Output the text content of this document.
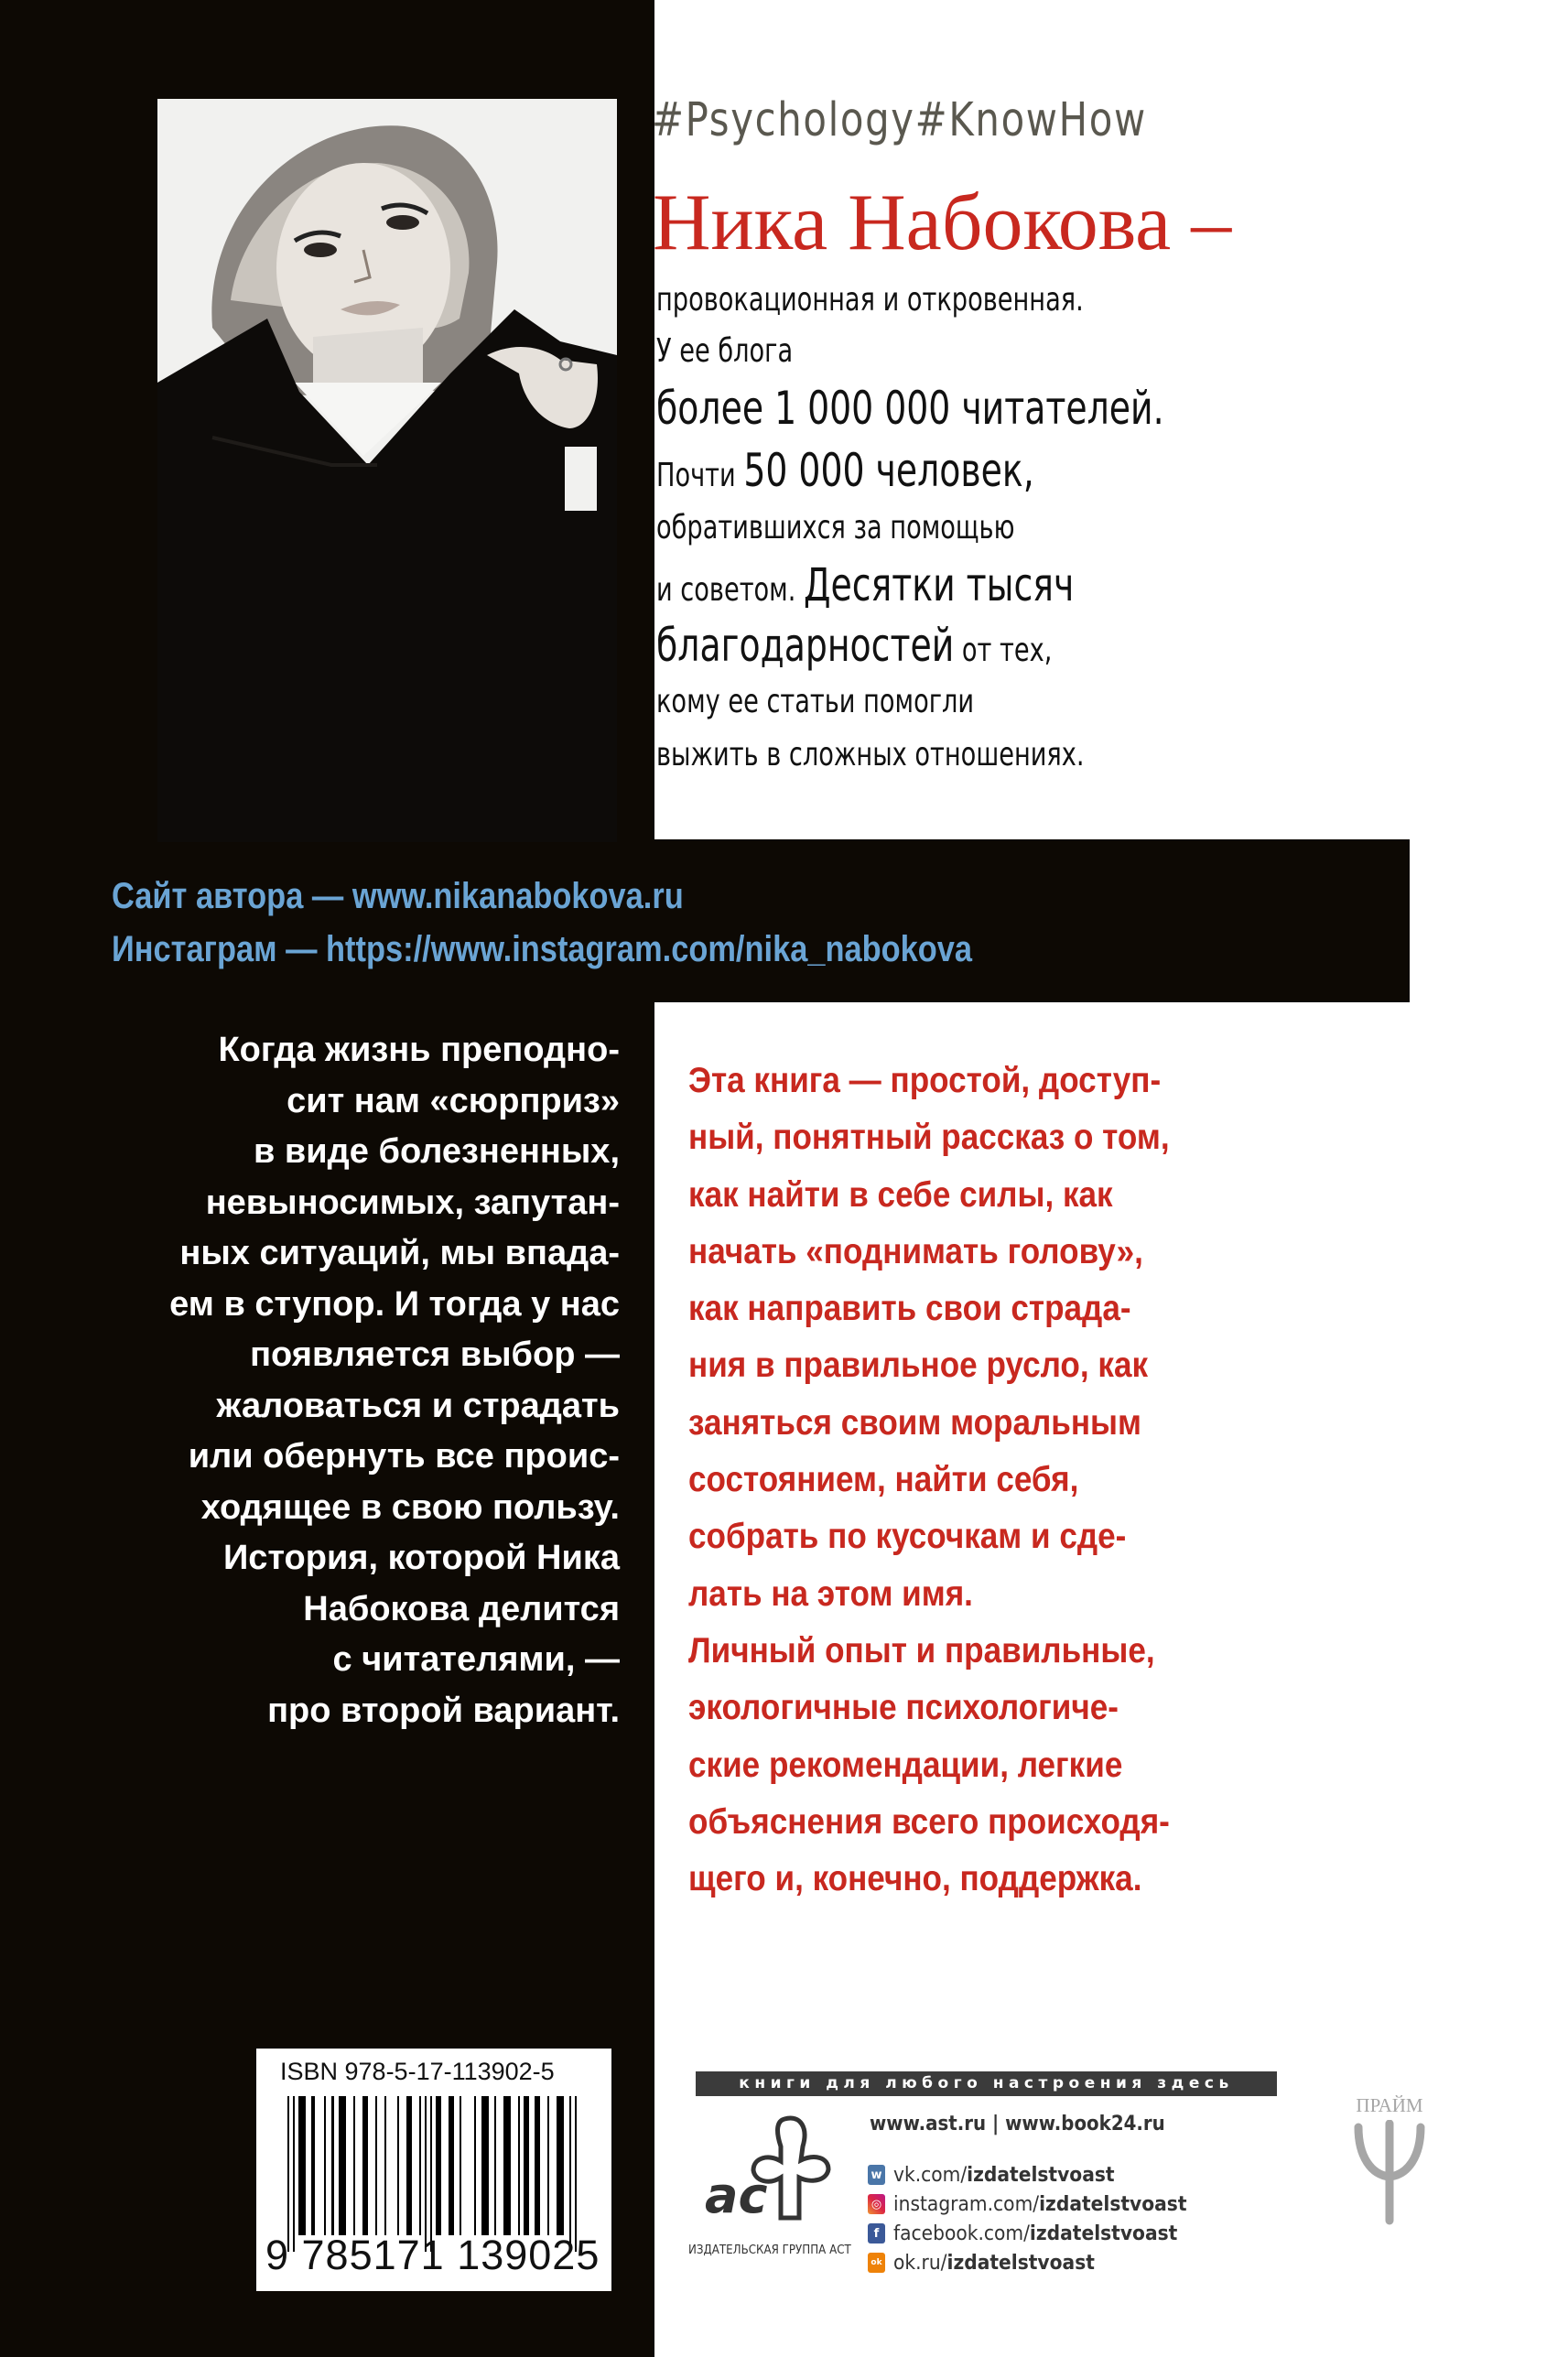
#Psychology#KnowHow
Ника Набокова –
провокационная и откровенная.
У ее блога
более 1 000 000 читателей.
Почти 50 000 человек,
обратившихся за помощью
и советом. Десятки тысяч
благодарностей от тех,
кому ее статьи помогли
выжить в сложных отношениях.
Сайт автора — www.nikanabokova.ru
Инстаграм — https://www.instagram.com/nika_nabokova
Когда жизнь преподно-
сит нам «сюрприз»
в виде болезненных,
невыносимых, запутан-
ных ситуаций, мы впада-
ем в ступор. И тогда у нас
появляется выбор —
жаловаться и страдать
или обернуть все проис-
ходящее в свою пользу.
История, которой Ника
Набокова делится
с читателями, —
про второй вариант.
Эта книга — простой, доступ-
ный, понятный рассказ о том,
как найти в себе силы, как
начать «поднимать голову»,
как направить свои страда-
ния в правильное русло, как
заняться своим моральным
состоянием, найти себя,
собрать по кусочкам и сде-
лать на этом имя.
Личный опыт и правильные,
экологичные психологиче-
ские рекомендации, легкие
объяснения всего происходя-
щего и, конечно, поддержка.
ISBN 978-5-17-113902-5
9 785171 139025
книги для любого настроения здесь
ас
ИЗДАТЕЛЬСКАЯ ГРУППА АСТ
www.ast.ru | www.book24.ru
w vk.com/izdatelstvoast
◎ instagram.com/izdatelstvoast
f facebook.com/izdatelstvoast
ok ok.ru/izdatelstvoast
ПРАЙМ
